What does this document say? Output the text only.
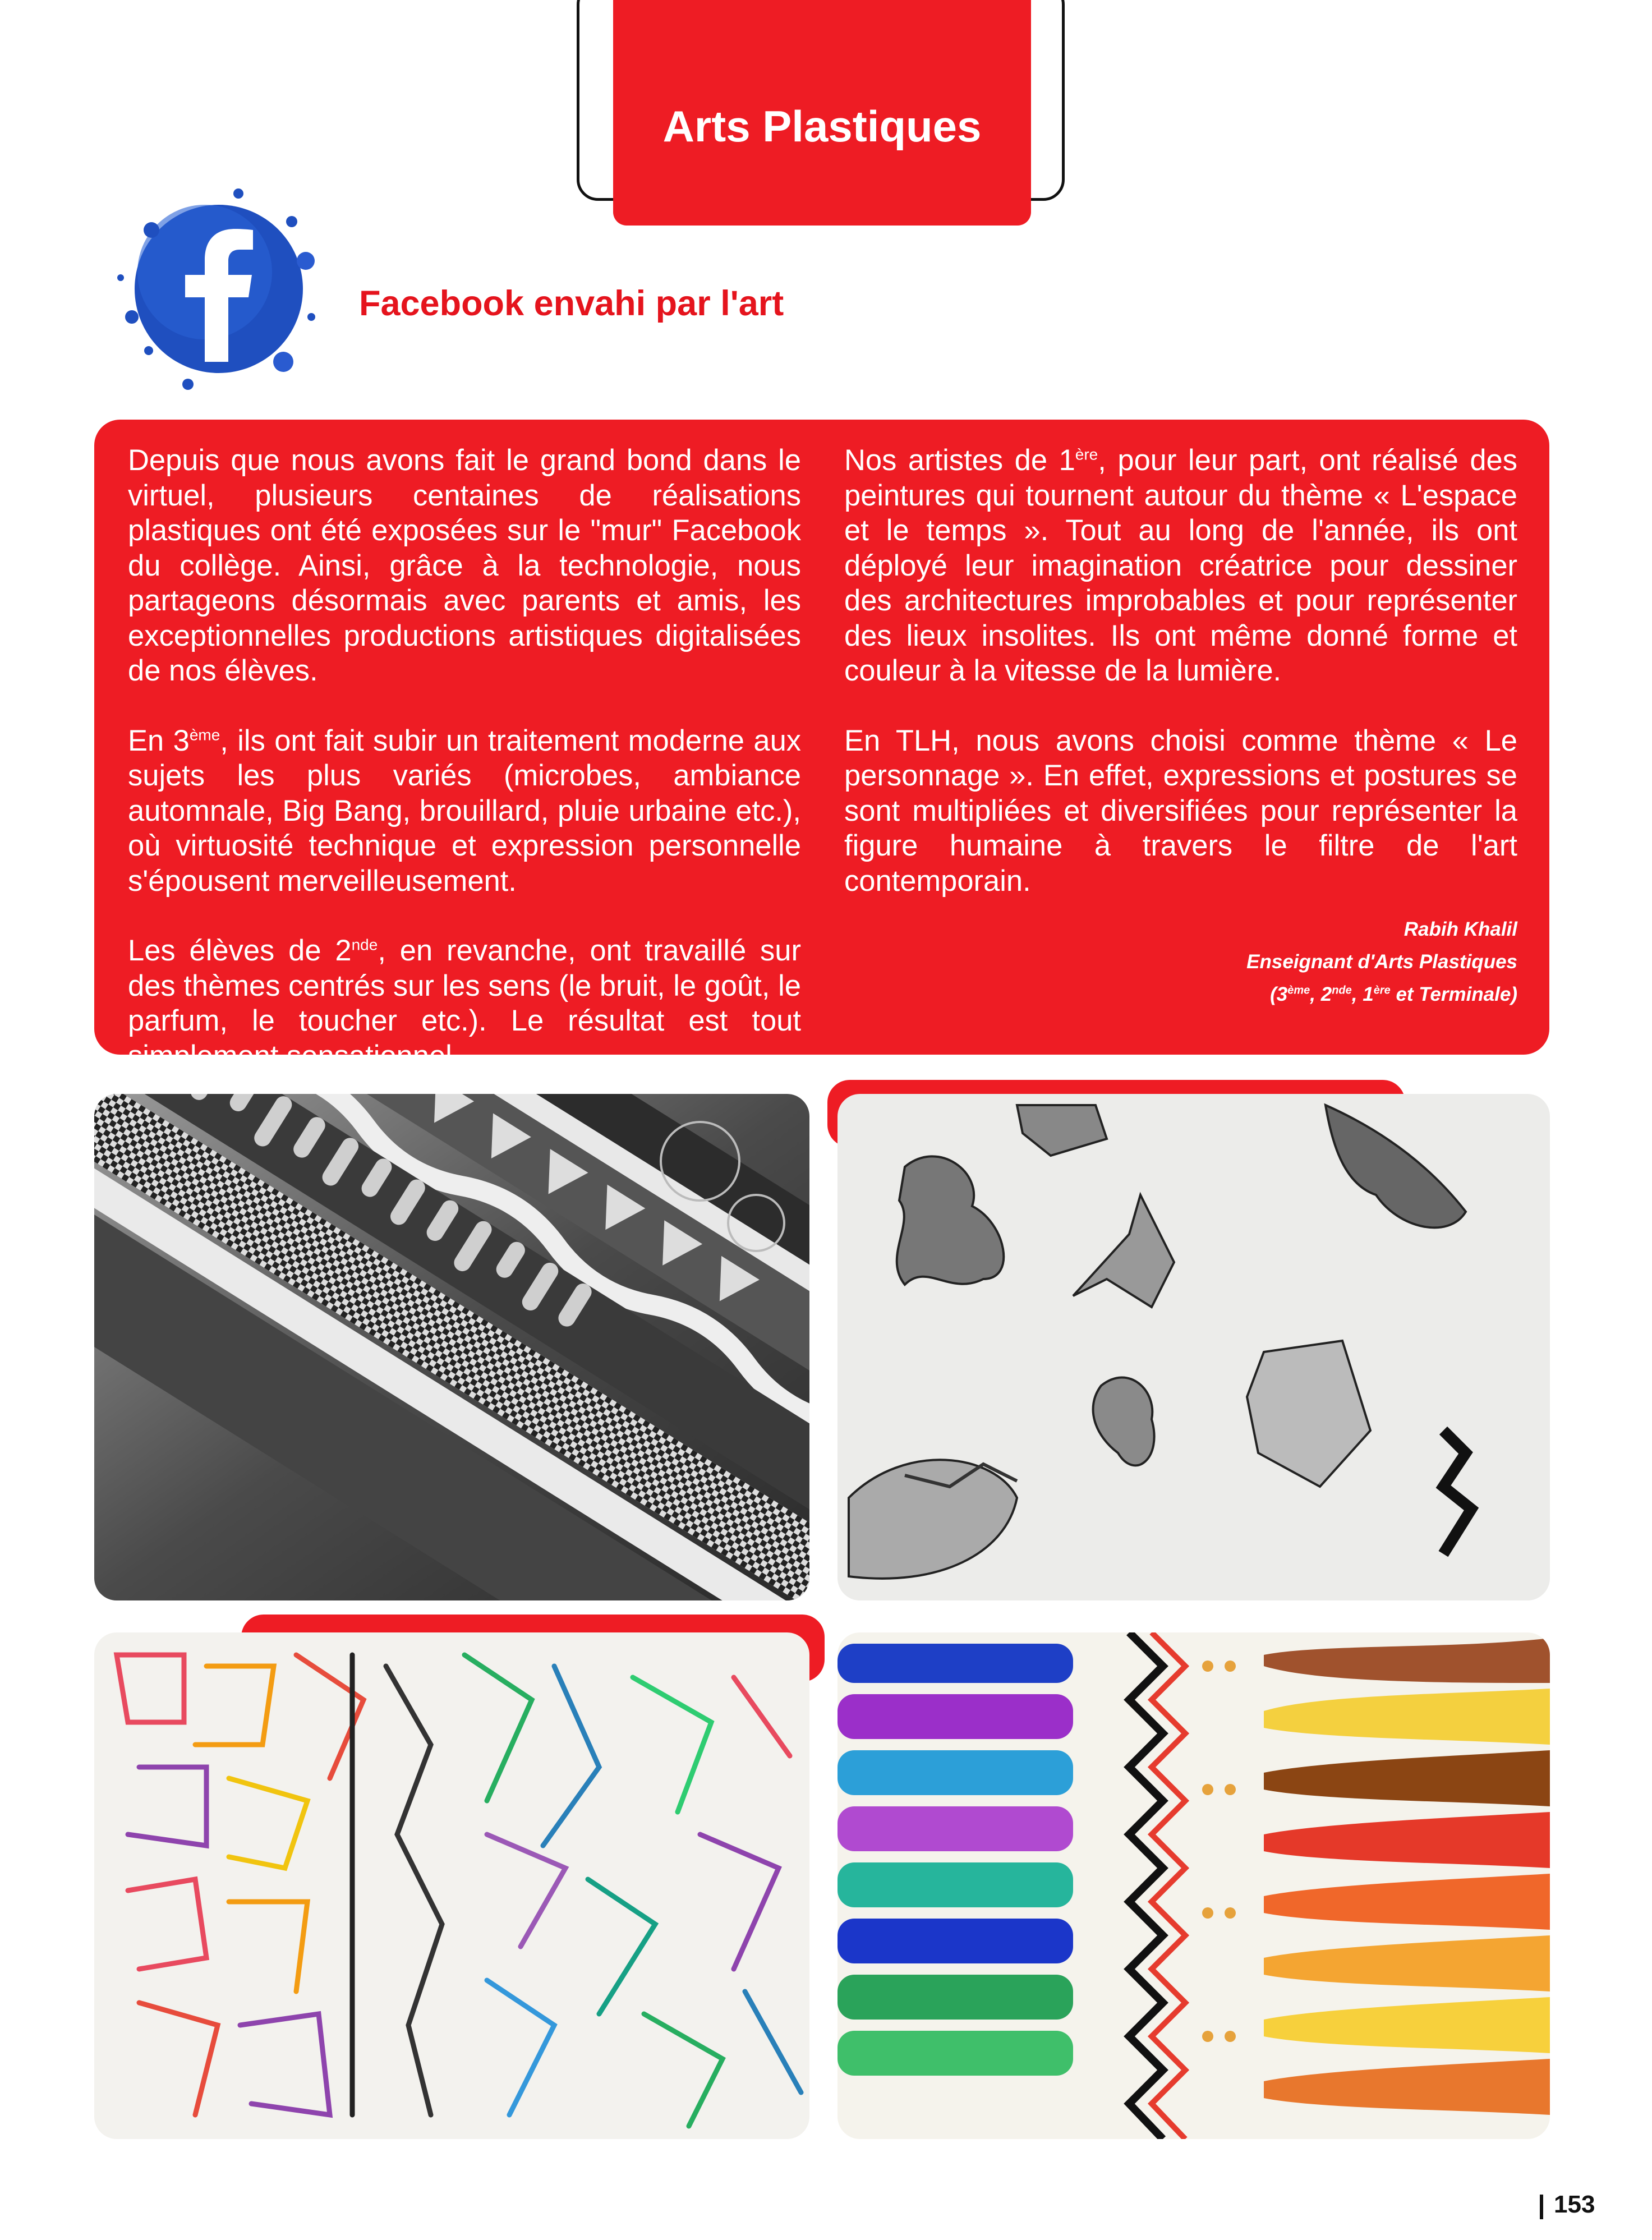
Arts Plastiques
Facebook envahi par l'art

Depuis que nous avons fait le grand bond dans le virtuel, plusieurs centaines de réalisations plastiques ont été exposées sur le "mur" Facebook du collège. Ainsi, grâce à la technologie, nous partageons désormais avec parents et amis, les exceptionnelles productions artistiques digitalisées de nos élèves.

En 3ème, ils ont fait subir un traitement moderne aux sujets les plus variés (microbes, ambiance automnale, Big Bang, brouillard, pluie urbaine etc.), où virtuosité technique et expression personnelle s'épousent merveilleusement.

Les élèves de 2nde, en revanche, ont travaillé sur des thèmes centrés sur les sens (le bruit, le goût, le parfum, le toucher etc.). Le résultat est tout simplement sensationnel.

Nos artistes de 1ère, pour leur part, ont réalisé des peintures qui tournent autour du thème « L'espace et le temps ». Tout au long de l'année, ils ont déployé leur imagination créatrice pour dessiner des architectures improbables et pour représenter des lieux insolites. Ils ont même donné forme et couleur à la vitesse de la lumière.

En TLH, nous avons choisi comme thème « Le personnage ». En effet, expressions et postures se sont multipliées et diversifiées pour représenter la figure humaine à travers le filtre de l'art contemporain.

Rabih Khalil
Enseignant d'Arts Plastiques
(3ème, 2nde, 1ère et Terminale)
153
